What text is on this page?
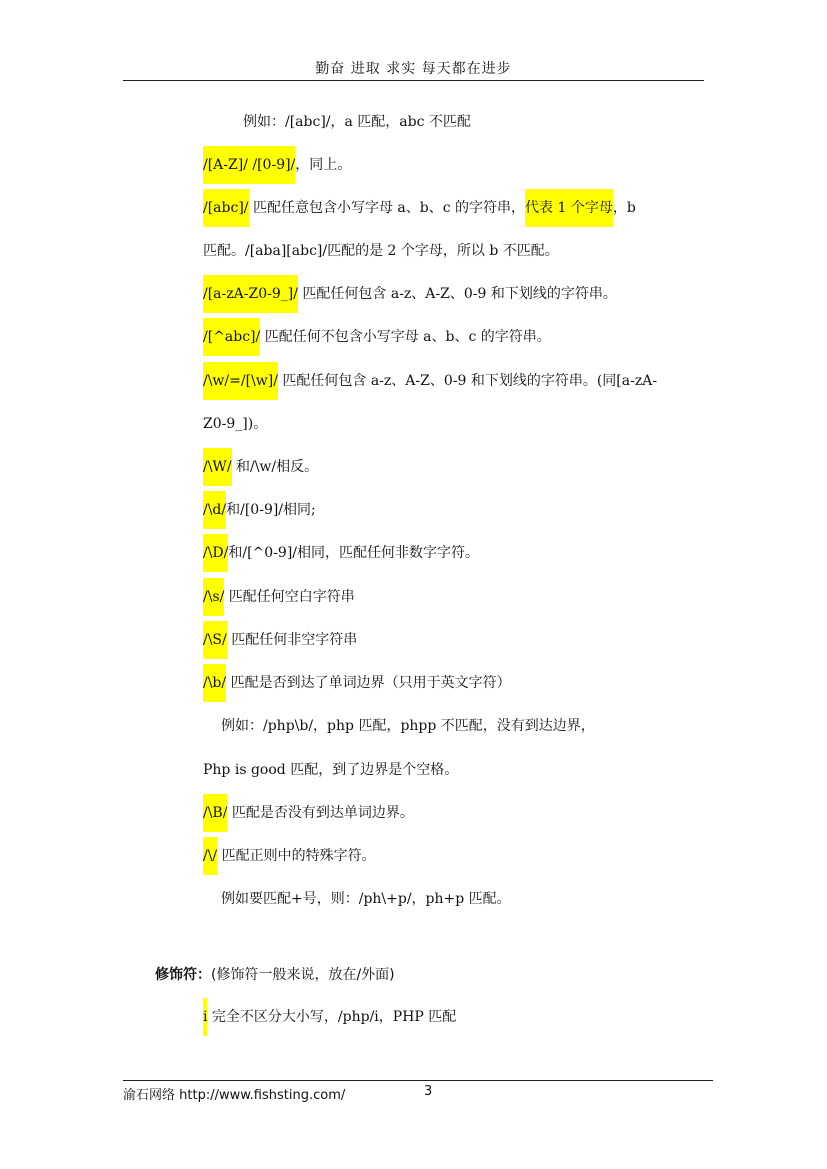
勤奋 进取 求实 每天都在进步
例如：/[abc]/，a 匹配，abc 不匹配
/[A-Z]/ /[0-9]/，同上。
/[abc]/ 匹配任意包含小写字母 a、b、c 的字符串，代表 1 个字母，b
匹配。/[aba][abc]/匹配的是 2 个字母，所以 b 不匹配。
/[a-zA-Z0-9_]/ 匹配任何包含 a-z、A-Z、0-9 和下划线的字符串。
/[^abc]/ 匹配任何不包含小写字母 a、b、c 的字符串。
/\w/=/[\w]/ 匹配任何包含 a-z、A-Z、0-9 和下划线的字符串。(同[a-zA-
Z0-9_])。
/\W/ 和/\w/相反。
/\d/和/[0-9]/相同;
/\D/和/[^0-9]/相同，匹配任何非数字字符。
/\s/ 匹配任何空白字符串
/\S/ 匹配任何非空字符串
/\b/ 匹配是否到达了单词边界（只用于英文字符）
例如：/php\b/，php 匹配，phpp 不匹配，没有到达边界，
Php is good 匹配，到了边界是个空格。
/\B/ 匹配是否没有到达单词边界。
/\/ 匹配正则中的特殊字符。
例如要匹配+号，则：/ph\+p/，ph+p 匹配。
修饰符：(修饰符一般来说，放在/外面)
i 完全不区分大小写，/php/i，PHP 匹配
渝石网络 http://www.fishsting.com/	3
